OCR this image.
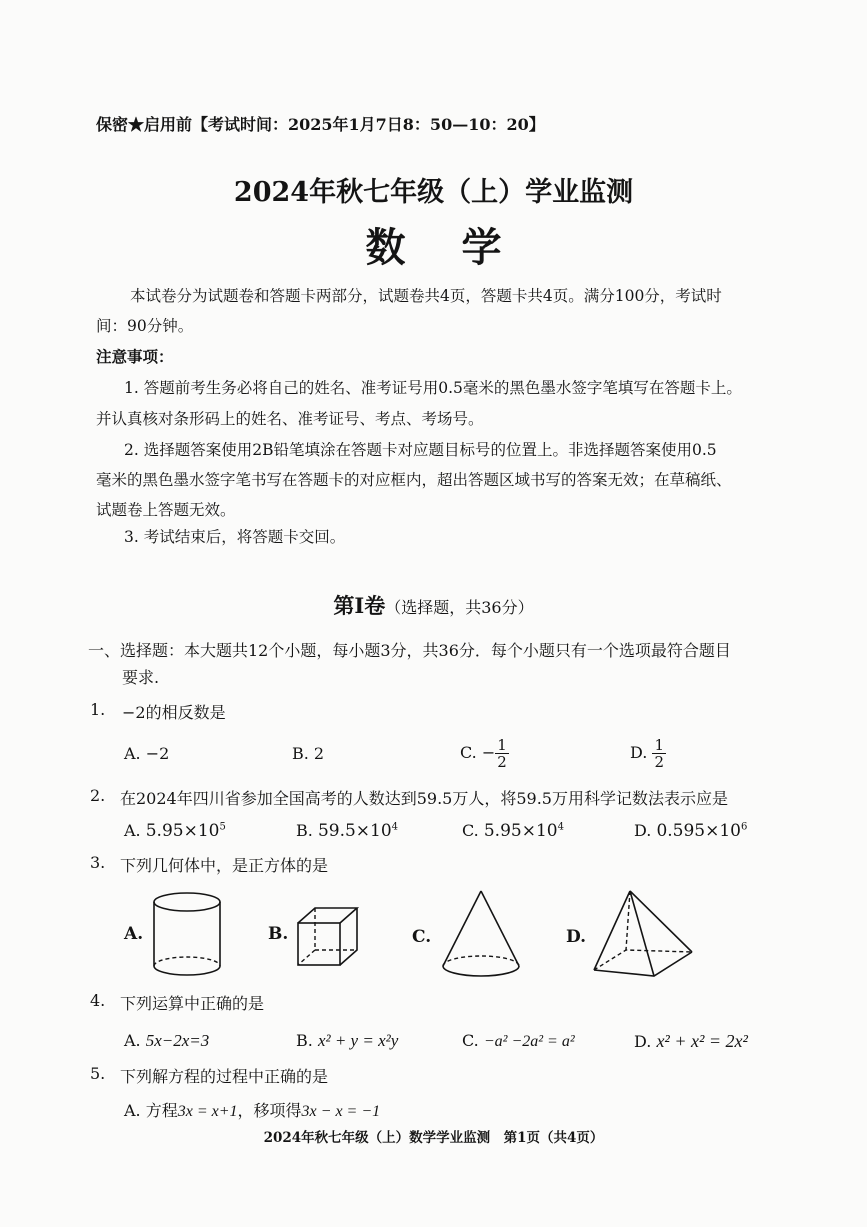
保密★启用前【考试时间：2025年1月7日8：50—10：20】
2024年秋七年级（上）学业监测
数学
本试卷分为试题卷和答题卡两部分，试题卷共4页，答题卡共4页。满分100分，考试时
间：90分钟。
注意事项：
1. 答题前考生务必将自己的姓名、准考证号用0.5毫米的黑色墨水签字笔填写在答题卡上。
并认真核对条形码上的姓名、准考证号、考点、考场号。
2. 选择题答案使用2B铅笔填涂在答题卡对应题目标号的位置上。非选择题答案使用0.5
毫米的黑色墨水签字笔书写在答题卡的对应框内，超出答题区域书写的答案无效；在草稿纸、
试题卷上答题无效。
3. 考试结束后，将答题卡交回。
第Ⅰ卷（选择题，共36分）
一、选择题：本大题共12个小题，每小题3分，共36分．每个小题只有一个选项最符合题目
要求.
1. −2的相反数是
A. −2	B. 2	C. − $\frac{1}{2}$	D. $\frac{1}{2}$
2. 在2024年四川省参加全国高考的人数达到59.5万人，将59.5万用科学记数法表示应是
A. $5.95\times 10^5$	B. $59.5\times 10^4$	C. $5.95\times 10^4$	D. $0.595\times 10^6$
3. 下列几何体中，是正方体的是
A.	B.	C.	D.
4. 下列运算中正确的是
A. 5x−2x=3	B. x² + y = x²y	C. −a² −2a² = a²	D. x² + x² = 2x²
5. 下列解方程的过程中正确的是
A. 方程3x = x+1，移项得3x − x = −1
2024年秋七年级（上）数学学业监测　第1页（共4页）
